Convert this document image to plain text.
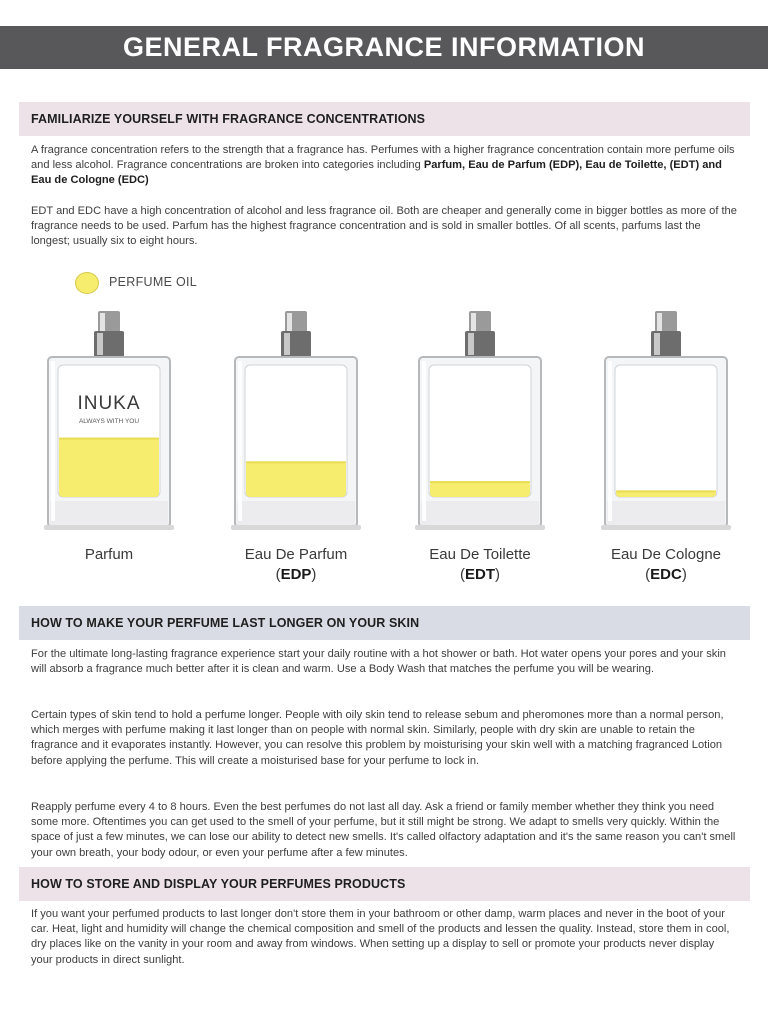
GENERAL FRAGRANCE INFORMATION
FAMILIARIZE YOURSELF WITH FRAGRANCE CONCENTRATIONS

A fragrance concentration refers to the strength that a fragrance has. Perfumes with a higher fragrance concentration contain more perfume oils and less alcohol. Fragrance concentrations are broken into categories including Parfum, Eau de Parfum (EDP), Eau de Toilette, (EDT) and Eau de Cologne (EDC)

EDT and EDC have a high concentration of alcohol and less fragrance oil. Both are cheaper and generally come in bigger bottles as more of the fragrance needs to be used. Parfum has the highest fragrance concentration and is sold in smaller bottles. Of all scents, parfums last the longest; usually six to eight hours.

PERFUME OIL
INUKA
ALWAYS WITH YOU
Parfum	Eau De Parfum
(EDP)
Eau De Toilette
(EDT)
Eau De Cologne
(EDC)
HOW TO MAKE YOUR PERFUME LAST LONGER ON YOUR SKIN

For the ultimate long-lasting fragrance experience start your daily routine with a hot shower or bath. Hot water opens your pores and your skin will absorb a fragrance much better after it is clean and warm. Use a Body Wash that matches the perfume you will be wearing.

Certain types of skin tend to hold a perfume longer. People with oily skin tend to release sebum and pheromones more than a normal person, which merges with perfume making it last longer than on people with normal skin. Similarly, people with dry skin are unable to retain the fragrance and it evaporates instantly. However, you can resolve this problem by moisturising your skin well with a matching fragranced Lotion before applying the perfume. This will create a moisturised base for your perfume to lock in.

Reapply perfume every 4 to 8 hours. Even the best perfumes do not last all day. Ask a friend or family member whether they think you need some more. Oftentimes you can get used to the smell of your perfume, but it still might be strong. We adapt to smells very quickly. Within the space of just a few minutes, we can lose our ability to detect new smells. It's called olfactory adaptation and it's the same reason you can't smell your own breath, your body odour, or even your perfume after a few minutes.

HOW TO STORE AND DISPLAY YOUR PERFUMES PRODUCTS

If you want your perfumed products to last longer don't store them in your bathroom or other damp, warm places and never in the boot of your car. Heat, light and humidity will change the chemical composition and smell of the products and lessen the quality. Instead, store them in cool, dry places like on the vanity in your room and away from windows. When setting up a display to sell or promote your products never display your products in direct sunlight.
